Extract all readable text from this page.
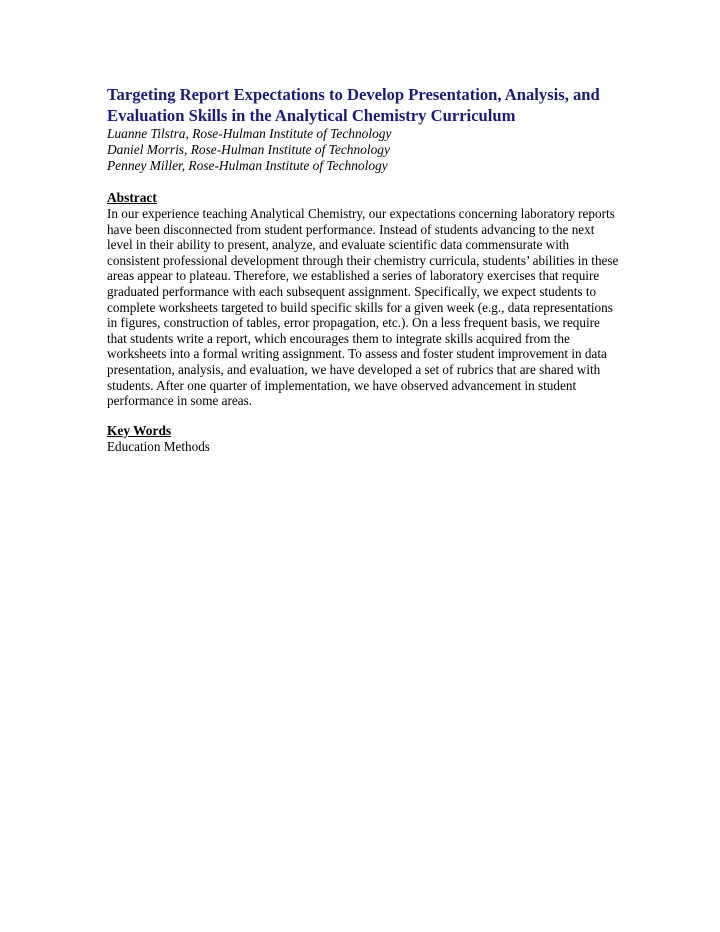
Targeting Report Expectations to Develop Presentation, Analysis, and
Evaluation Skills in the Analytical Chemistry Curriculum
Luanne Tilstra, Rose-Hulman Institute of Technology
Daniel Morris, Rose-Hulman Institute of Technology
Penney Miller, Rose-Hulman Institute of Technology
Abstract
In our experience teaching Analytical Chemistry, our expectations concerning laboratory reports
have been disconnected from student performance. Instead of students advancing to the next
level in their ability to present, analyze, and evaluate scientific data commensurate with
consistent professional development through their chemistry curricula, students’ abilities in these
areas appear to plateau. Therefore, we established a series of laboratory exercises that require
graduated performance with each subsequent assignment. Specifically, we expect students to
complete worksheets targeted to build specific skills for a given week (e.g., data representations
in figures, construction of tables, error propagation, etc.). On a less frequent basis, we require
that students write a report, which encourages them to integrate skills acquired from the
worksheets into a formal writing assignment. To assess and foster student improvement in data
presentation, analysis, and evaluation, we have developed a set of rubrics that are shared with
students. After one quarter of implementation, we have observed advancement in student
performance in some areas.
Key Words
Education Methods
